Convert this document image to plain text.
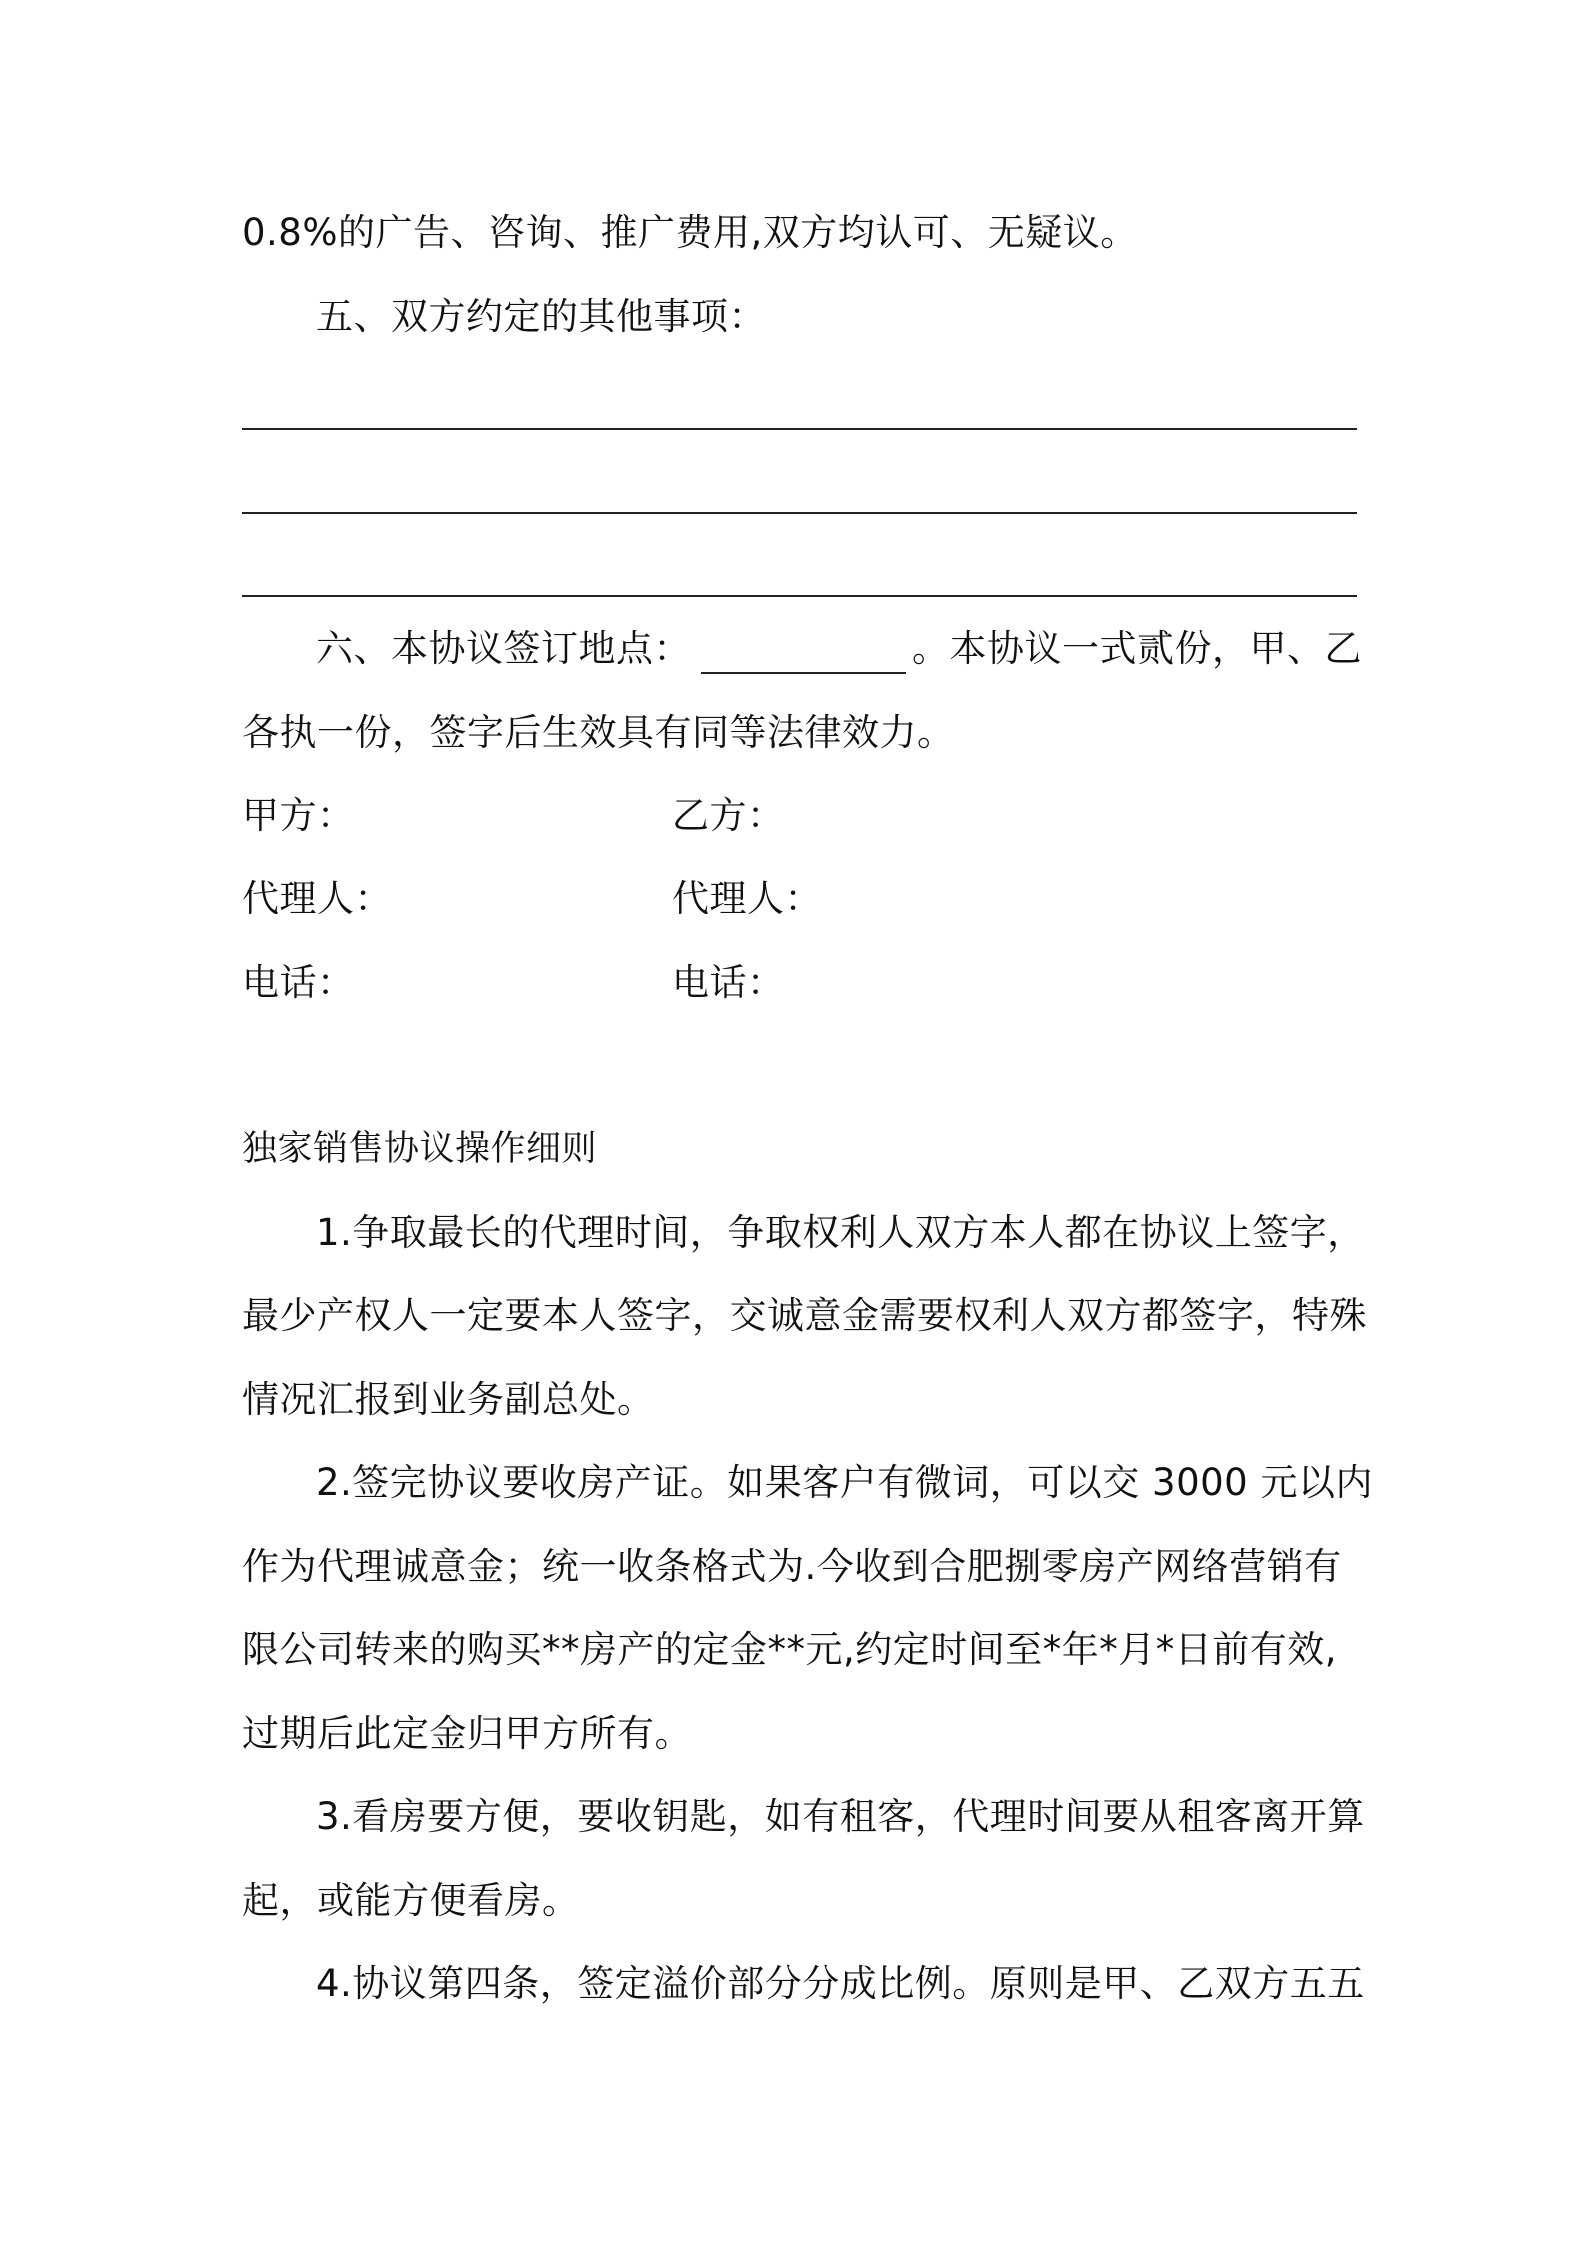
0.8%的广告、咨询、推广费用,双方均认可、无疑议。
五、双方约定的其他事项：
六、本协议签订地点：	。本协议一式贰份，甲、乙
各执一份，签字后生效具有同等法律效力。
甲方：	乙方：
代理人：	代理人：
电话：	电话：
独家销售协议操作细则
1.争取最长的代理时间，争取权利人双方本人都在协议上签字，
最少产权人一定要本人签字，交诚意金需要权利人双方都签字，特殊
情况汇报到业务副总处。
2.签完协议要收房产证。如果客户有微词，可以交 3000 元以内
作为代理诚意金；统一收条格式为.今收到合肥捌零房产网络营销有
限公司转来的购买**房产的定金**元,约定时间至*年*月*日前有效,
过期后此定金归甲方所有。
3.看房要方便，要收钥匙，如有租客，代理时间要从租客离开算
起，或能方便看房。
4.协议第四条，签定溢价部分分成比例。原则是甲、乙双方五五
